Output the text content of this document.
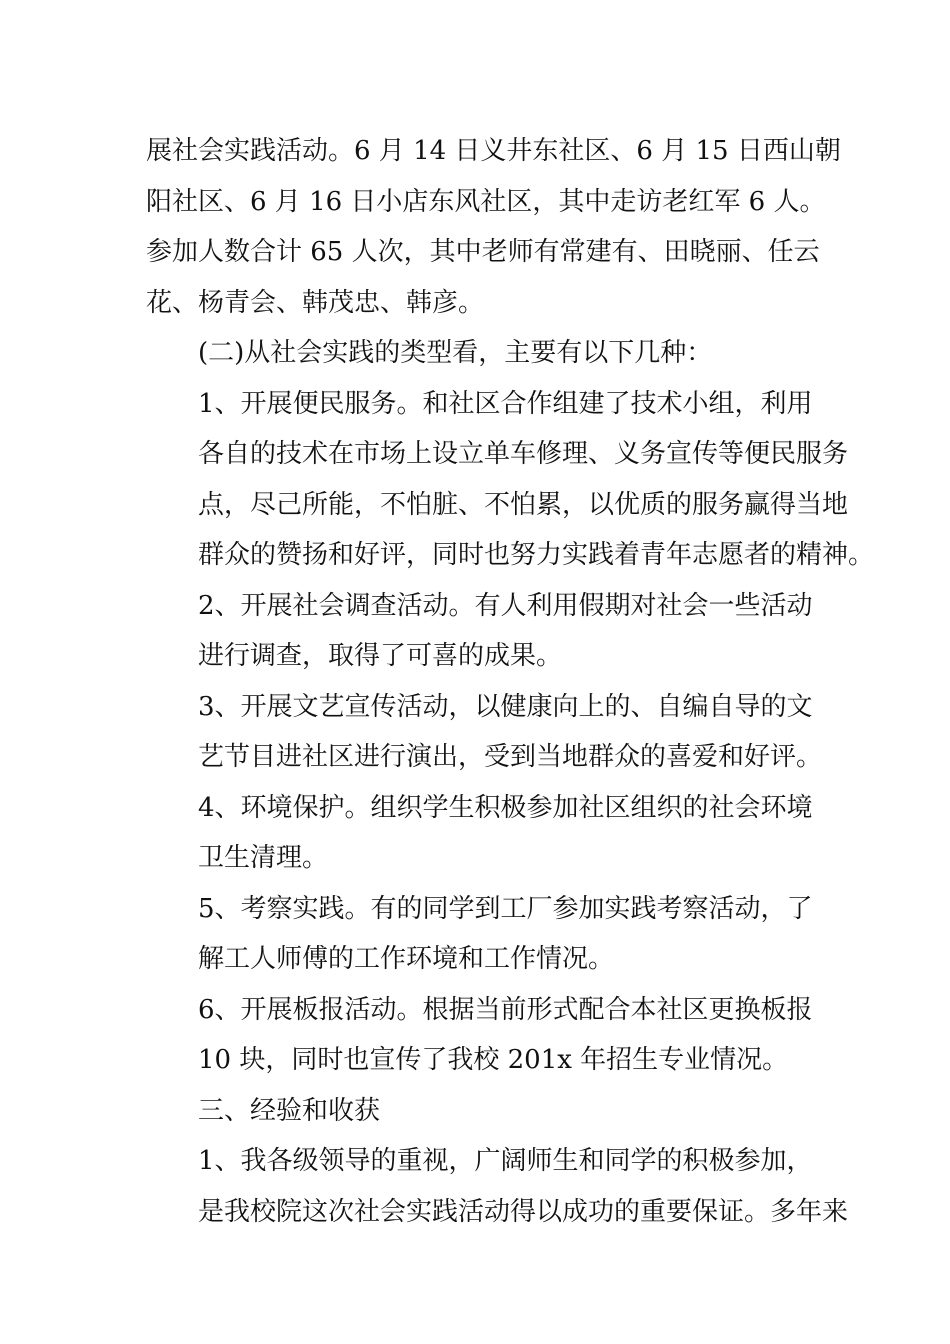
展社会实践活动。6 月 14 日义井东社区、6 月 15 日西山朝
阳社区、6 月 16 日小店东风社区，其中走访老红军 6 人。
参加人数合计 65 人次，其中老师有常建有、田晓丽、任云
花、杨青会、韩茂忠、韩彦。

(二)从社会实践的类型看，主要有以下几种：

1、开展便民服务。和社区合作组建了技术小组，利用
各自的技术在市场上设立单车修理、义务宣传等便民服务
点，尽己所能，不怕脏、不怕累，以优质的服务赢得当地
群众的赞扬和好评，同时也努力实践着青年志愿者的精神。

2、开展社会调查活动。有人利用假期对社会一些活动
进行调查，取得了可喜的成果。

3、开展文艺宣传活动，以健康向上的、自编自导的文
艺节目进社区进行演出，受到当地群众的喜爱和好评。

4、环境保护。组织学生积极参加社区组织的社会环境
卫生清理。

5、考察实践。有的同学到工厂参加实践考察活动，了
解工人师傅的工作环境和工作情况。

6、开展板报活动。根据当前形式配合本社区更换板报
10 块，同时也宣传了我校 201x 年招生专业情况。

三、经验和收获

1、我各级领导的重视，广阔师生和同学的积极参加，
是我校院这次社会实践活动得以成功的重要保证。多年来
